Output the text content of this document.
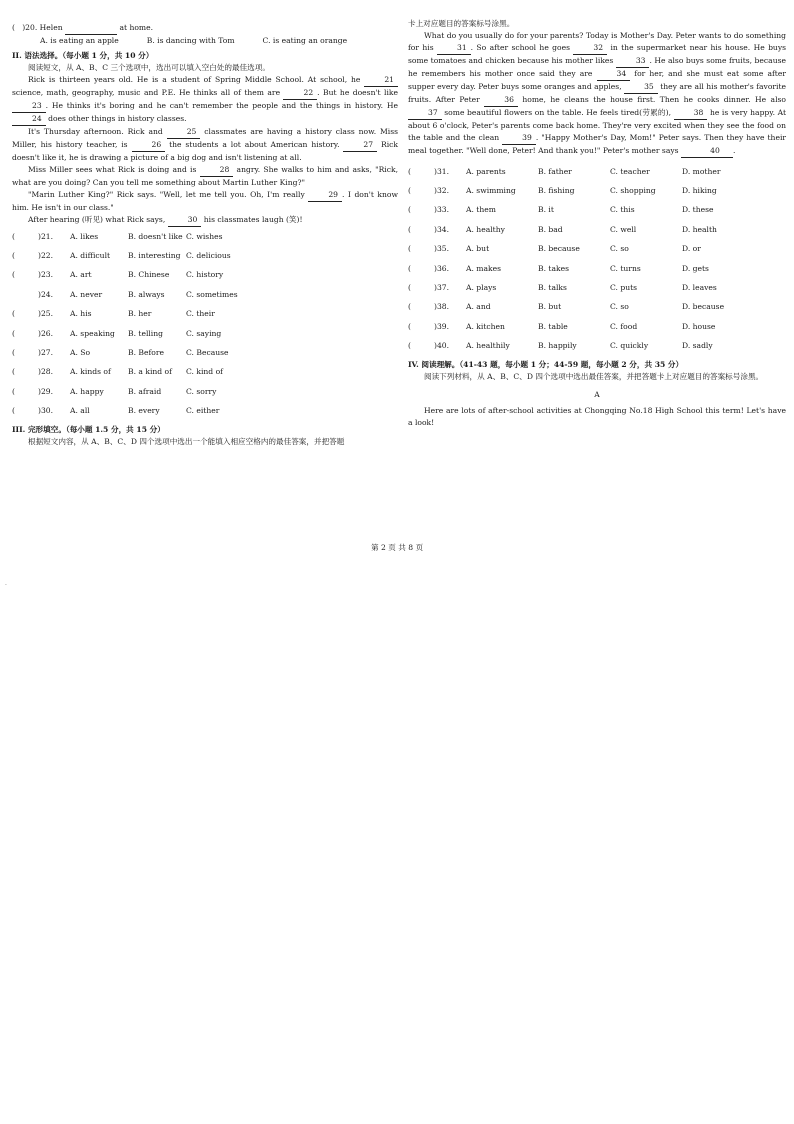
( )20. Helen	at home.

A. is eating an apple	B. is dancing with Tom	C. is eating an orange

II. 语法选择。（每小题 1 分，共 10 分）

阅读短文，从 A、B、C 三个选项中，选出可以填入空白处的最佳选项。

Rick is thirteen years old. He is a student of Spring Middle School. At school, he	21 science, math, geography, music and P.E. He thinks all of them are	22 . But he doesn't like 23 . He thinks it's boring and he can't remember the people and the things in history. He 24 does other things in history classes.

It's Thursday afternoon. Rick and	25 classmates are having a history class now. Miss Miller, his history teacher, is	26 the students a lot about American history.	27 Rick doesn't like it, he is drawing a picture of a big dog and isn't listening at all.

Miss Miller sees what Rick is doing and is	28 angry. She walks to him and asks, "Rick, what are you doing? Can you tell me something about Martin Luther King?"

"Marin Luther King?" Rick says. "Well, let me tell you. Oh, I'm really	29 . I don't know him. He isn't in our class."

After hearing (听见) what Rick says,	30 his classmates laugh (笑)!

(	)21.	A. likes	B. doesn't like C. wishes
(	)22.	A. difficult	B. interesting C. delicious
(	)23.	A. art	B. Chinese	C. history
)24.	A. never	B. always	C. sometimes
(	)25.	A. his	B. her	C. their
(	)26.	A. speaking	B. telling	C. saying
(	)27.	A. So	B. Before	C. Because
(	)28.	A. kinds of	B. a kind of	C. kind of
(	)29.	A. happy	B. afraid	C. sorry
(	)30.	A. all	B. every	C. either

III. 完形填空。（每小题 1.5 分，共 15 分）

根据短文内容，从 A、B、C、D 四个选项中选出一个能填入相应空格内的最佳答案，并把答题

卡上对应题目的答案标号涂黑。

What do you usually do for your parents? Today is Mother's Day. Peter wants to do something for his	31 . So after school he goes	32 in the supermarket near his house. He buys some tomatoes and chicken because his mother likes	33 . He also buys some fruits, because he remembers his mother once said they are	34 for her, and she must eat some after supper every day. Peter buys some oranges and apples,	35 they are all his mother's favorite fruits. After Peter	36 home, he cleans the house first. Then he cooks dinner. He also 37 some beautiful flowers on the table. He feels tired(劳累的),	38 he is very happy. At about 6 o'clock, Peter's parents come back home. They're very excited when they see the food on the table and the clean	39 . "Happy Mother's Day, Mom!" Peter says. Then they have their meal together. "Well done, Peter! And thank you!" Peter's mother says	40 .

(	)31.	A. parents	B. father	C. teacher	D. mother
(	)32.	A. swimming	B. fishing	C. shopping	D. hiking
(	)33.	A. them	B. it	C. this	D. these
(	)34.	A. healthy	B. bad	C. well	D. health
(	)35.	A. but	B. because	C. so	D. or
(	)36.	A. makes	B. takes	C. turns	D. gets
(	)37.	A. plays	B. talks	C. puts	D. leaves
(	)38.	A. and	B. but	C. so	D. because
(	)39.	A. kitchen	B. table	C. food	D. house
(	)40.	A. healthily	B. happily	C. quickly	D. sadly

IV. 阅读理解。（41-43 题，每小题 1 分；44-59 题，每小题 2 分，共 35 分）

阅读下列材料，从 A、B、C、D 四个选项中选出最佳答案，并把答题卡上对应题目的答案标号涂黑。

A

Here are lots of after-school activities at Chongqing No.18 High School this term! Let's have a look!

第 2 页 共 8 页
.
